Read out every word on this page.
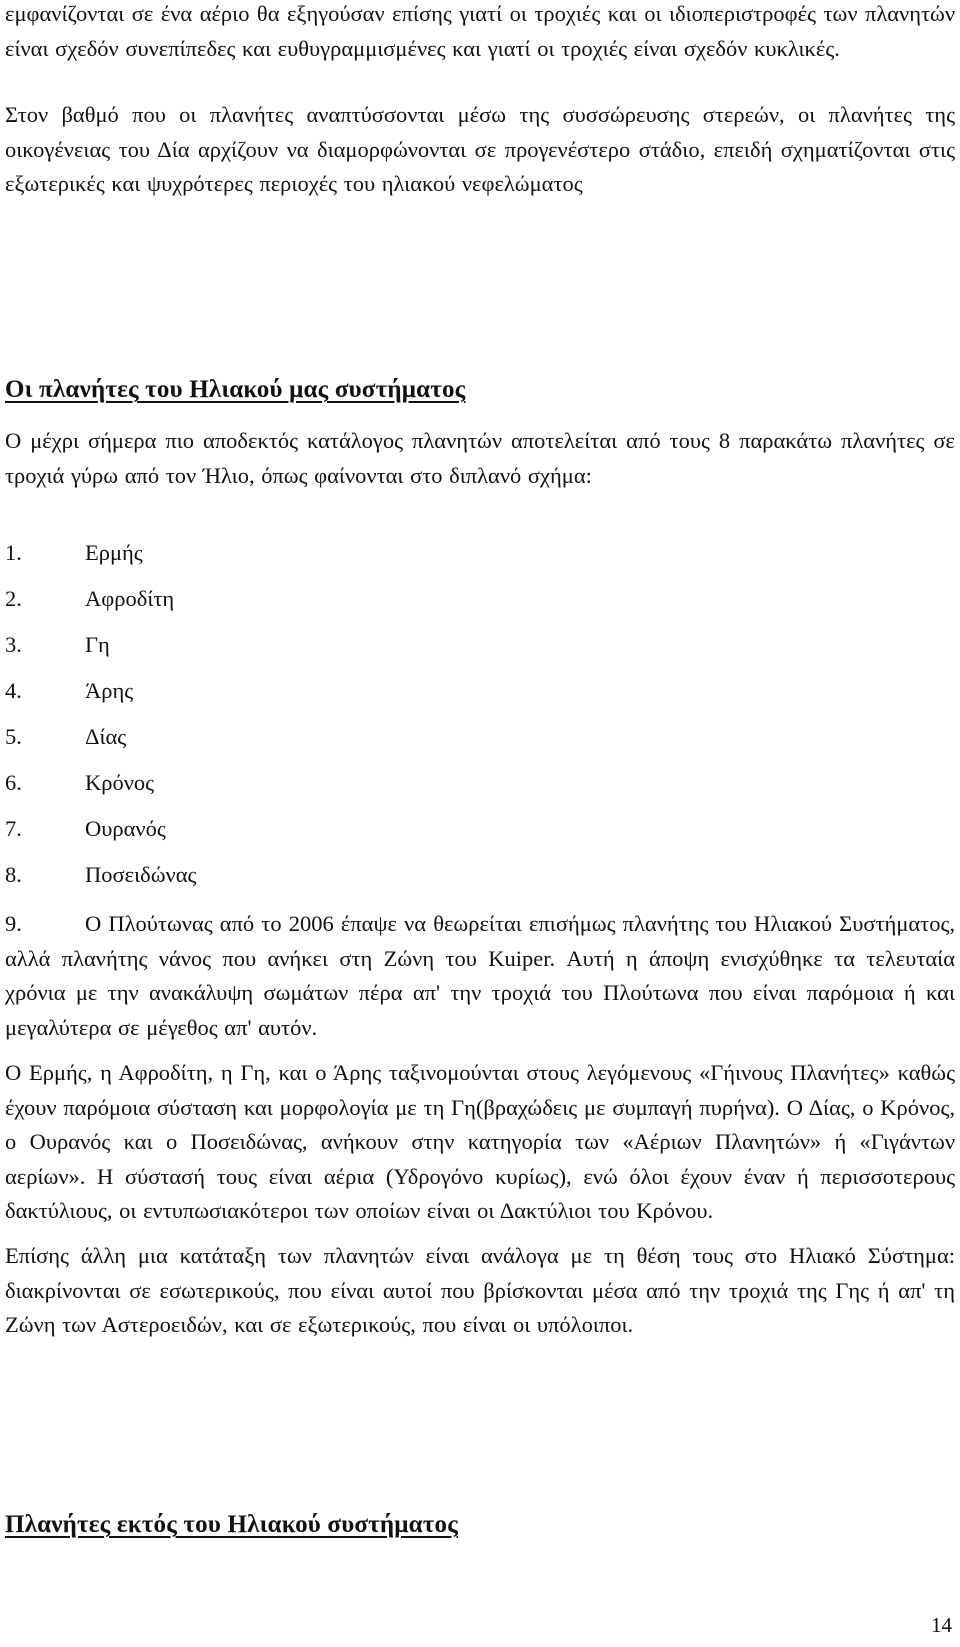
εμφανίζονται σε ένα αέριο θα εξηγούσαν επίσης γιατί οι τροχιές και οι ιδιοπεριστροφές των πλανητών είναι σχεδόν συνεπίπεδες και ευθυγραμμισμένες και γιατί οι τροχιές είναι σχεδόν κυκλικές.

Στον βαθμό που οι πλανήτες αναπτύσσονται μέσω της συσσώρευσης στερεών, οι πλανήτες της οικογένειας του Δία αρχίζουν να διαμορφώνονται σε προγενέστερο στάδιο, επειδή σχηματίζονται στις εξωτερικές και ψυχρότερες περιοχές του ηλιακού νεφελώματος

Οι πλανήτες του Ηλιακού μας συστήματος

Ο μέχρι σήμερα πιο αποδεκτός κατάλογος πλανητών αποτελείται από τους 8 παρακάτω πλανήτες σε τροχιά γύρω από τον Ήλιο, όπως φαίνονται στο διπλανό σχήμα:

1.	Ερμής
2.	Αφροδίτη
3.	Γη
4.	Άρης
5.	Δίας
6.	Κρόνος
7.	Ουρανός
8.	Ποσειδώνας

9.	Ο Πλούτωνας από το 2006 έπαψε να θεωρείται επισήμως πλανήτης του Ηλιακού Συστήματος, αλλά πλανήτης νάνος που ανήκει στη Ζώνη του Kuiper. Αυτή η άποψη ενισχύθηκε τα τελευταία χρόνια με την ανακάλυψη σωμάτων πέρα απ' την τροχιά του Πλούτωνα που είναι παρόμοια ή και μεγαλύτερα σε μέγεθος απ' αυτόν.

Ο Ερμής, η Αφροδίτη, η Γη, και ο Άρης ταξινομούνται στους λεγόμενους «Γήινους Πλανήτες» καθώς έχουν παρόμοια σύσταση και μορφολογία με τη Γη(βραχώδεις με συμπαγή πυρήνα). Ο Δίας, ο Κρόνος, ο Ουρανός και ο Ποσειδώνας, ανήκουν στην κατηγορία των «Αέριων Πλανητών» ή «Γιγάντων αερίων». Η σύστασή τους είναι αέρια (Υδρογόνο κυρίως), ενώ όλοι έχουν έναν ή περισσοτερους δακτύλιους, οι εντυπωσιακότεροι των οποίων είναι οι Δακτύλιοι του Κρόνου.

Επίσης άλλη μια κατάταξη των πλανητών είναι ανάλογα με τη θέση τους στο Ηλιακό Σύστημα: διακρίνονται σε εσωτερικούς, που είναι αυτοί που βρίσκονται μέσα από την τροχιά της Γης ή απ' τη Ζώνη των Αστεροειδών, και σε εξωτερικούς, που είναι οι υπόλοιποι.

Πλανήτες εκτός του Ηλιακού συστήματος
14
